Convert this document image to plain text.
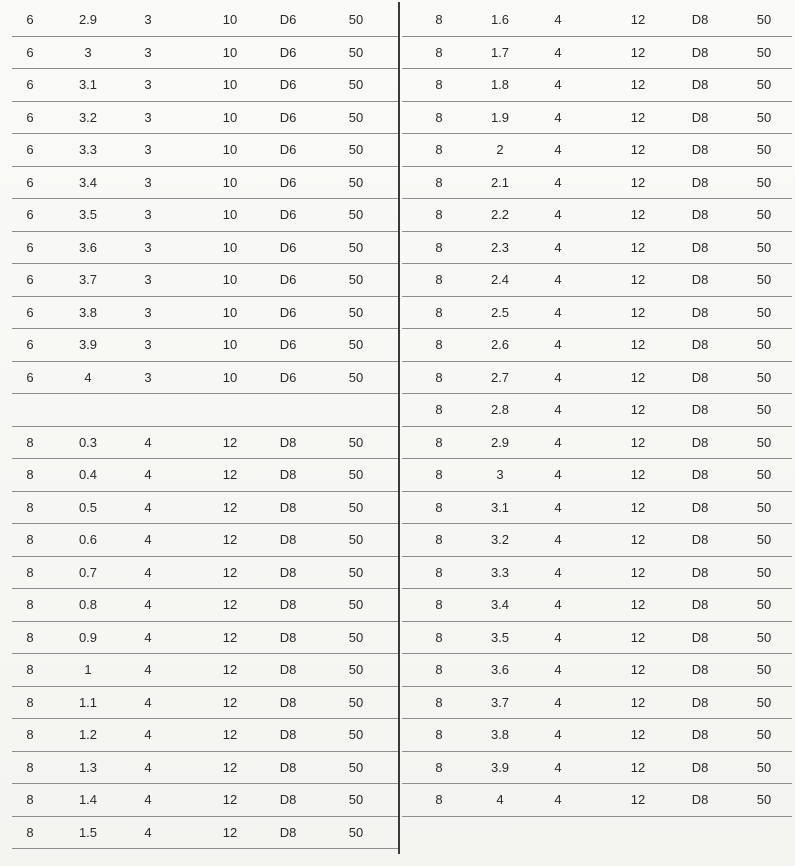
6	2.9	3	10	D6	50
6	3	3	10	D6	50
6	3.1	3	10	D6	50
6	3.2	3	10	D6	50
6	3.3	3	10	D6	50
6	3.4	3	10	D6	50
6	3.5	3	10	D6	50
6	3.6	3	10	D6	50
6	3.7	3	10	D6	50
6	3.8	3	10	D6	50
6	3.9	3	10	D6	50
6	4	3	10	D6	50
8	0.3	4	12	D8	50
8	0.4	4	12	D8	50
8	0.5	4	12	D8	50
8	0.6	4	12	D8	50
8	0.7	4	12	D8	50
8	0.8	4	12	D8	50
8	0.9	4	12	D8	50
8	1	4	12	D8	50
8	1.1	4	12	D8	50
8	1.2	4	12	D8	50
8	1.3	4	12	D8	50
8	1.4	4	12	D8	50
8	1.5	4	12	D8	50
8	1.6	4	12	D8	50
8	1.7	4	12	D8	50
8	1.8	4	12	D8	50
8	1.9	4	12	D8	50
8	2	4	12	D8	50
8	2.1	4	12	D8	50
8	2.2	4	12	D8	50
8	2.3	4	12	D8	50
8	2.4	4	12	D8	50
8	2.5	4	12	D8	50
8	2.6	4	12	D8	50
8	2.7	4	12	D8	50
8	2.8	4	12	D8	50
8	2.9	4	12	D8	50
8	3	4	12	D8	50
8	3.1	4	12	D8	50
8	3.2	4	12	D8	50
8	3.3	4	12	D8	50
8	3.4	4	12	D8	50
8	3.5	4	12	D8	50
8	3.6	4	12	D8	50
8	3.7	4	12	D8	50
8	3.8	4	12	D8	50
8	3.9	4	12	D8	50
8	4	4	12	D8	50
